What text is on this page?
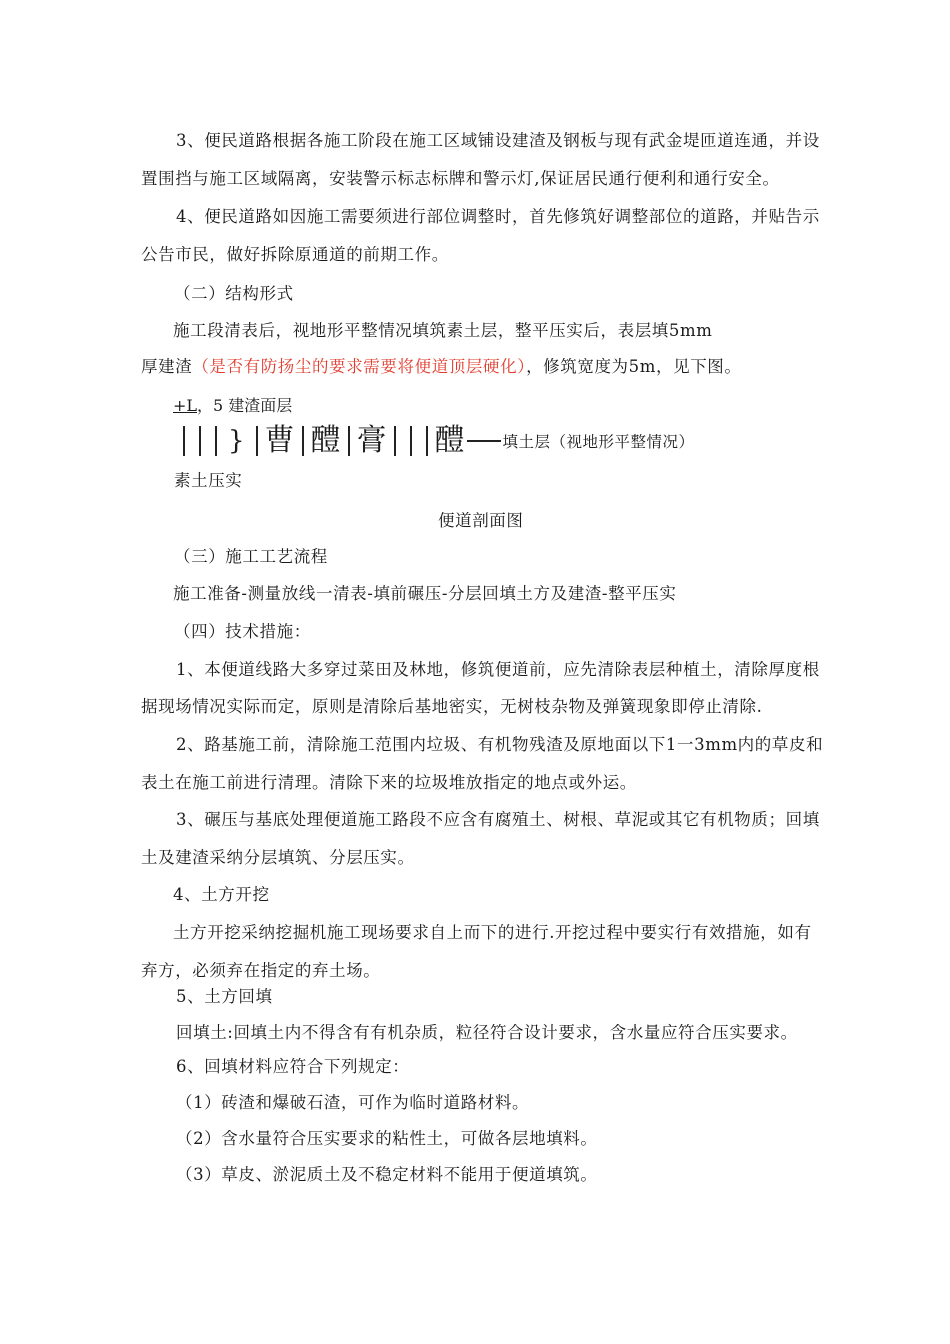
3、便民道路根据各施工阶段在施工区域铺设建渣及钢板与现有武金堤匝道连通，并设
置围挡与施工区域隔离，安装警示标志标牌和警示灯,保证居民通行便利和通行安全。
4、便民道路如因施工需要须进行部位调整时，首先修筑好调整部位的道路，并贴告示
公告市民，做好拆除原通道的前期工作。
（二）结构形式
施工段清表后，视地形平整情况填筑素土层，整平压实后，表层填5mm
厚建渣（是否有防扬尘的要求需要将便道顶层硬化），修筑宽度为5m，见下图。
+L，5 建渣面层
} 曹 醴 膏 醴 填土层（视地形平整情况）
素土压实
便道剖面图
（三）施工工艺流程
施工准备-测量放线一清表-填前碾压-分层回填土方及建渣-整平压实
（四）技术措施：
1、本便道线路大多穿过菜田及林地，修筑便道前，应先清除表层种植土，清除厚度根
据现场情况实际而定，原则是清除后基地密实，无树枝杂物及弹簧现象即停止清除.
2、路基施工前，清除施工范围内垃圾、有机物残渣及原地面以下1一3mm内的草皮和
表土在施工前进行清理。清除下来的垃圾堆放指定的地点或外运。
3、碾压与基底处理便道施工路段不应含有腐殖土、树根、草泥或其它有机物质；回填
土及建渣采纳分层填筑、分层压实。
4、土方开挖
土方开挖采纳挖掘机施工现场要求自上而下的进行.开挖过程中要实行有效措施，如有
弃方，必须弃在指定的弃土场。
5、土方回填
回填土:回填土内不得含有有机杂质，粒径符合设计要求，含水量应符合压实要求。
6、回填材料应符合下列规定：
（1）砖渣和爆破石渣，可作为临时道路材料。
（2）含水量符合压实要求的粘性土，可做各层地填料。
（3）草皮、淤泥质土及不稳定材料不能用于便道填筑。
